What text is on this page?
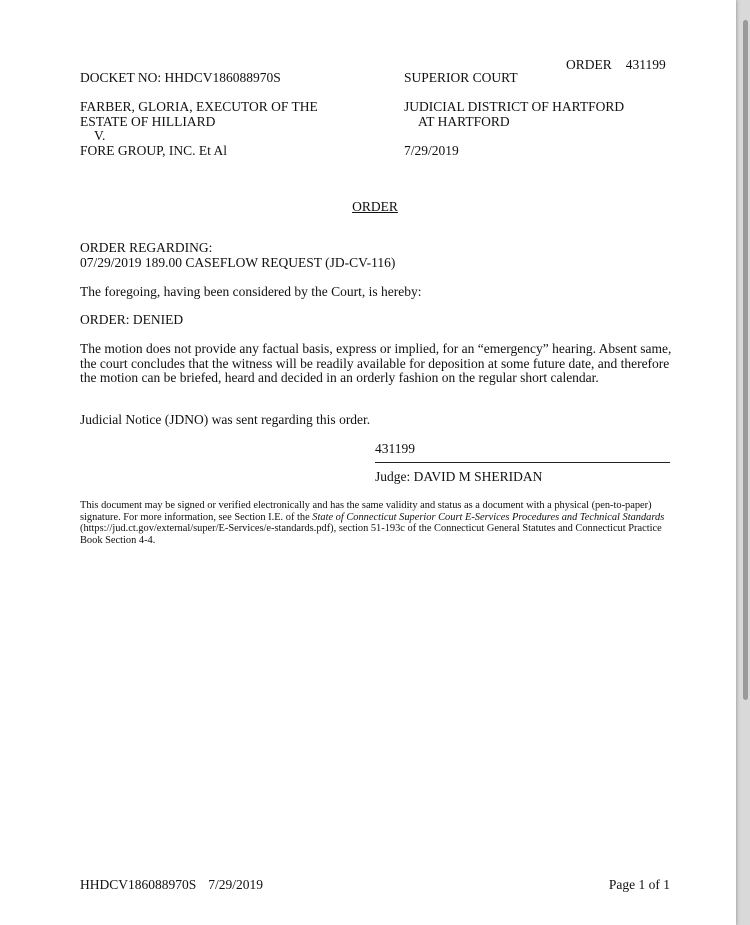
ORDER 431199
DOCKET NO: HHDCV186088970S	SUPERIOR COURT
FARBER, GLORIA, EXECUTOR OF THE
ESTATE OF HILLIARD
V.
FORE GROUP, INC. Et Al
JUDICIAL DISTRICT OF HARTFORD
AT HARTFORD
7/29/2019
ORDER
ORDER REGARDING:
07/29/2019 189.00 CASEFLOW REQUEST (JD-CV-116)
The foregoing, having been considered by the Court, is hereby:
ORDER: DENIED
The motion does not provide any factual basis, express or implied, for an “emergency” hearing. Absent same, the court concludes that the witness will be readily available for deposition at some future date, and therefore the motion can be briefed, heard and decided in an orderly fashion on the regular short calendar.
Judicial Notice (JDNO) was sent regarding this order.
431199
Judge: DAVID M SHERIDAN
This document may be signed or verified electronically and has the same validity and status as a document with a physical (pen-to-paper) signature. For more information, see Section I.E. of the State of Connecticut Superior Court E-Services Procedures and Technical Standards (https://jud.ct.gov/external/super/E-Services/e-standards.pdf), section 51-193c of the Connecticut General Statutes and Connecticut Practice Book Section 4-4.
HHDCV186088970S 7/29/2019	Page 1 of 1
